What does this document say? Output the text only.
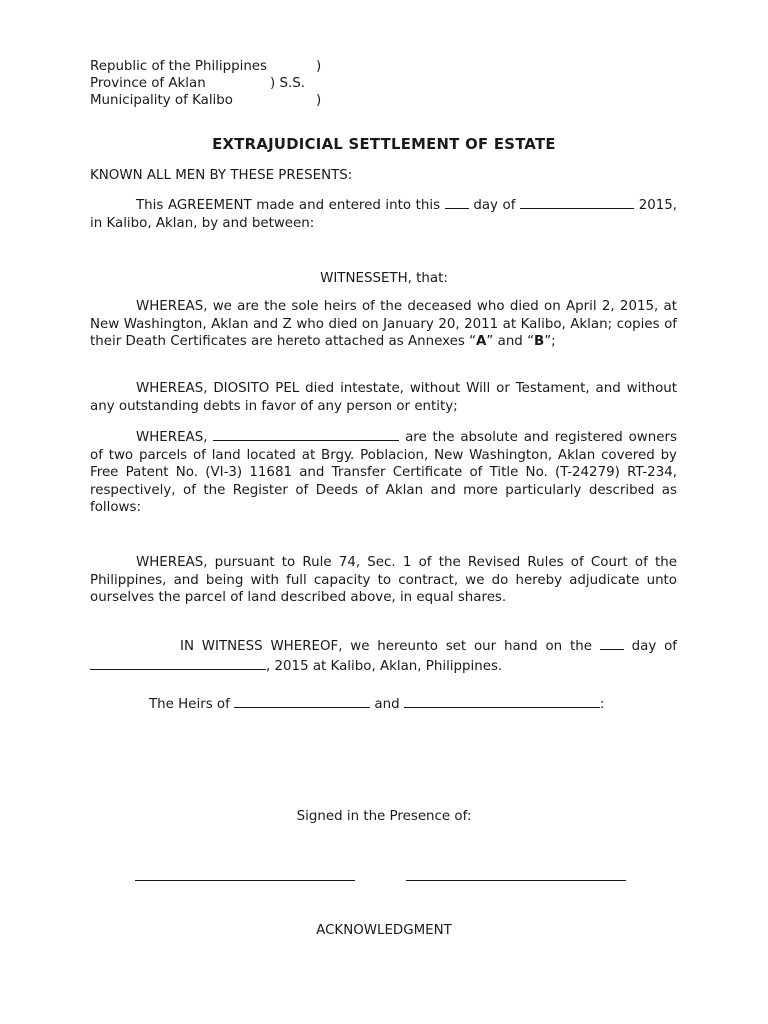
Republic of the Philippines	)
Province of Aklan	) S.S.
Municipality of Kalibo	)
EXTRAJUDICIAL SETTLEMENT OF ESTATE
KNOWN ALL MEN BY THESE PRESENTS:
This AGREEMENT made and entered into this day of	2015, in Kalibo, Aklan, by and between:
WITNESSETH, that:
WHEREAS, we are the sole heirs of the deceased who died on April 2, 2015, at New Washington, Aklan and Z who died on January 20, 2011 at Kalibo, Aklan; copies of their Death Certificates are hereto attached as Annexes “A” and “B”;
WHEREAS, DIOSITO PEL died intestate, without Will or Testament, and without any outstanding debts in favor of any person or entity;
WHEREAS,	are the absolute and registered owners of two parcels of land located at Brgy. Poblacion, New Washington, Aklan covered by Free Patent No. (VI-3) 11681 and Transfer Certificate of Title No. (T-24279) RT-234, respectively, of the Register of Deeds of Aklan and more particularly described as follows:
WHEREAS, pursuant to Rule 74, Sec. 1 of the Revised Rules of Court of the Philippines, and being with full capacity to contract, we do hereby adjudicate unto ourselves the parcel of land described above, in equal shares.
IN WITNESS WHEREOF, we hereunto set our hand on the	day of , 2015 at Kalibo, Aklan, Philippines.
The Heirs of	and	:
Signed in the Presence of:
ACKNOWLEDGMENT
